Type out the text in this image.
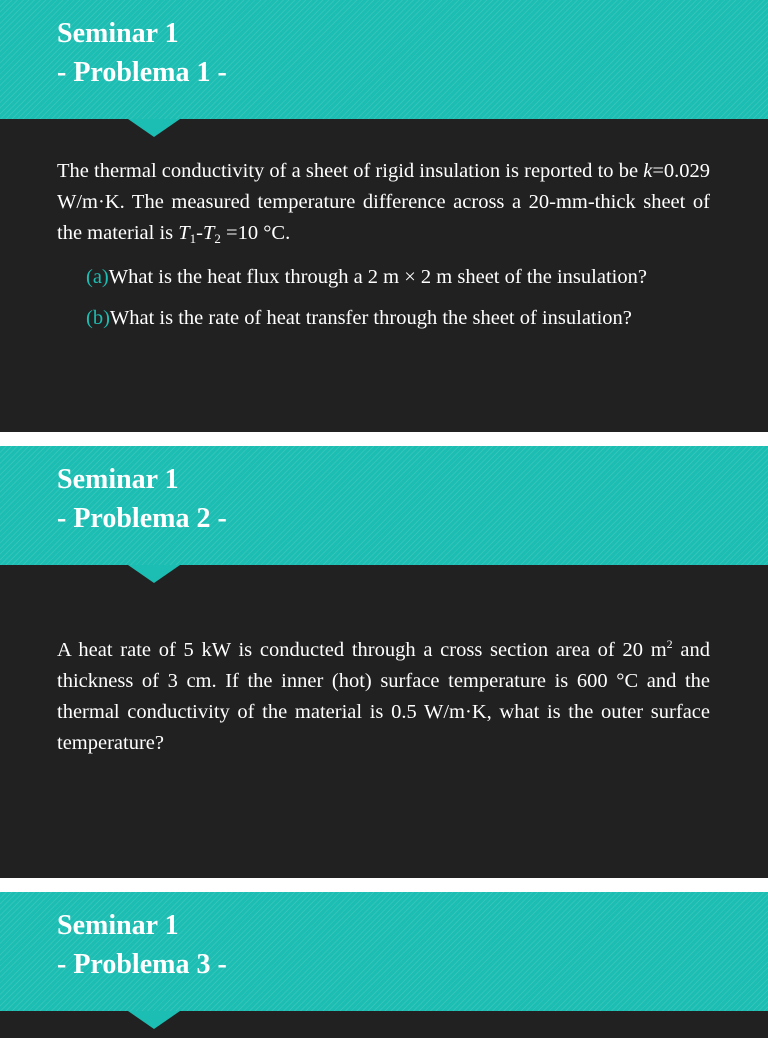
Seminar 1
- Problema 1 -
The thermal conductivity of a sheet of rigid insulation is reported to be k=0.029 W/m·K. The measured temperature difference across a 20-mm-thick sheet of the material is $T_1-T_2 =10$ °C.
(a)What is the heat flux through a 2 m × 2 m sheet of the insulation?
(b)What is the rate of heat transfer through the sheet of insulation?
Seminar 1
- Problema 2 -
A heat rate of 5 kW is conducted through a cross section area of 20 $m^2$ and thickness of 3 cm. If the inner (hot) surface temperature is 600 °C and the thermal conductivity of the material is 0.5 W/m·K, what is the outer surface temperature?
Seminar 1
- Problema 3 -
